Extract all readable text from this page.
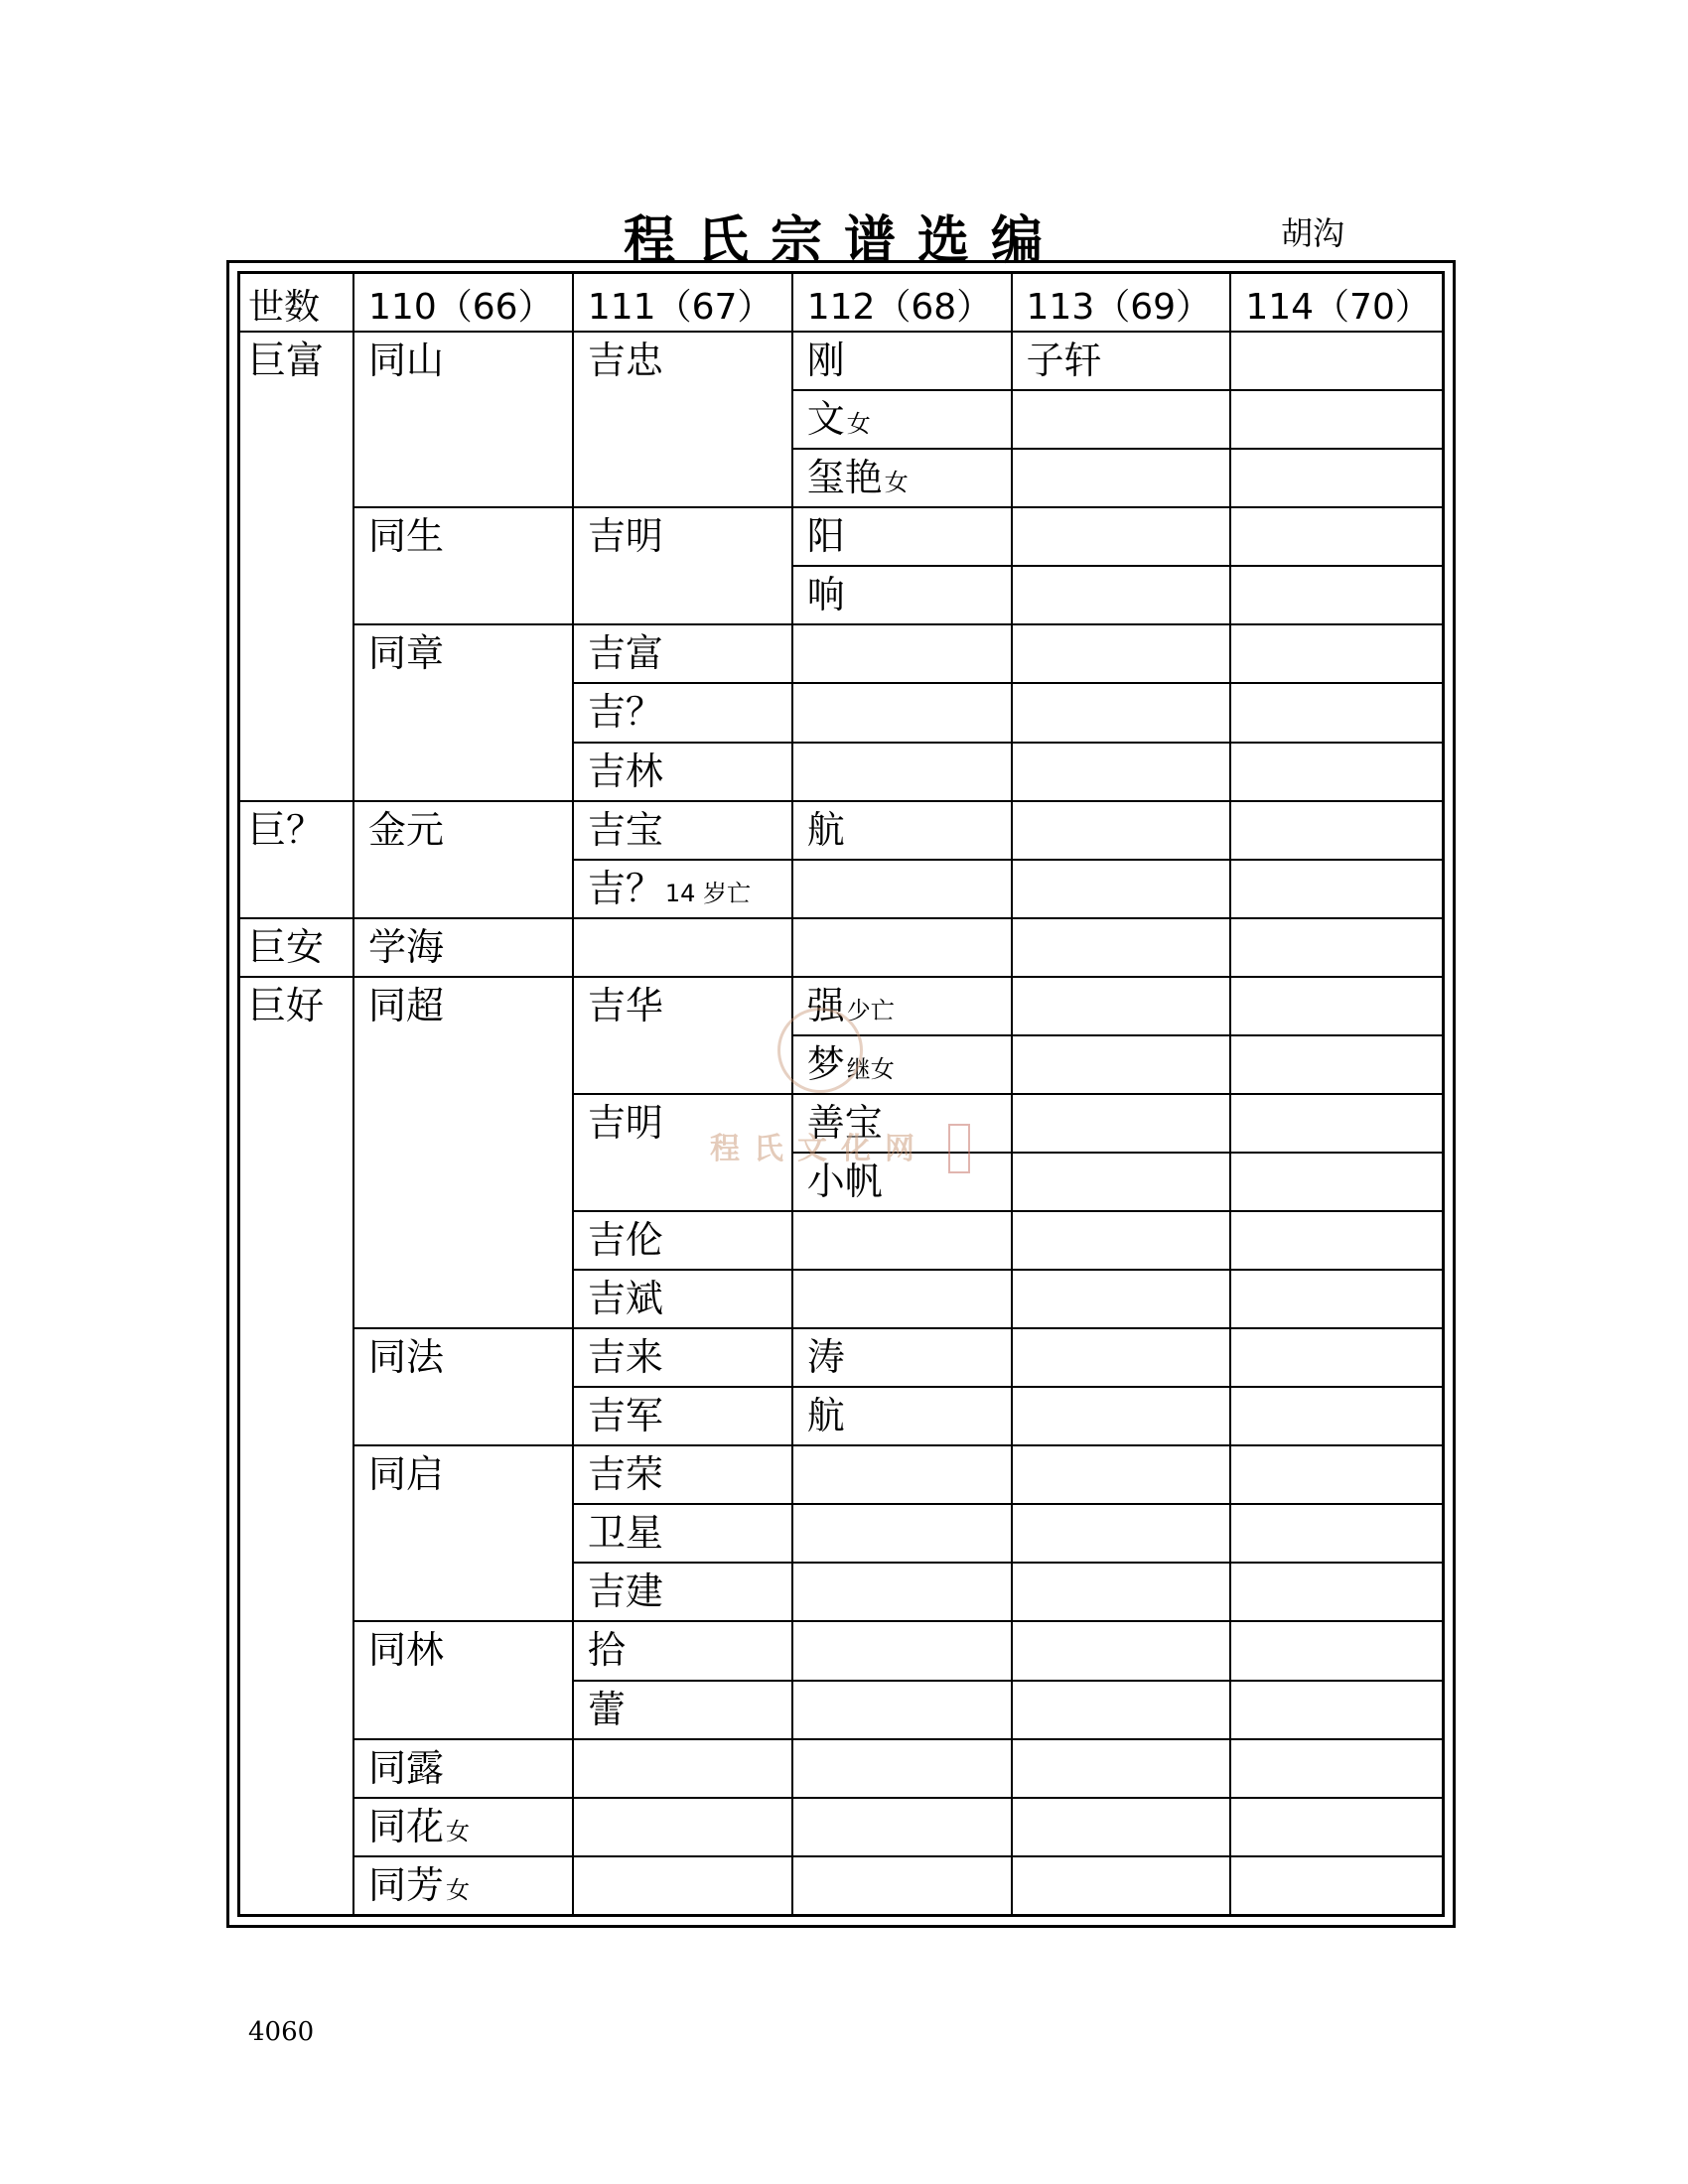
程氏宗谱选编	胡沟
世数	110（66）	111（67）	112（68）	113（69）	114（70）
巨富	同山	吉忠	刚	子轩	
			文女		
			玺艳女		
	同生	吉明	阳		
			响		
	同章	吉富			
		吉？			
		吉林			
巨？	金元	吉宝	航		
		吉？14 岁亡			
巨安	学海				
巨好	同超	吉华	强少亡		
			梦继女		
		吉明	善宝		
			小帆		
		吉伦			
		吉斌			
	同法	吉来	涛		
		吉军	航		
	同启	吉荣			
		卫星			
		吉建			
	同林	拾			
		蕾			
	同露				
	同花女				
	同芳女				
程氏文化网
4060
